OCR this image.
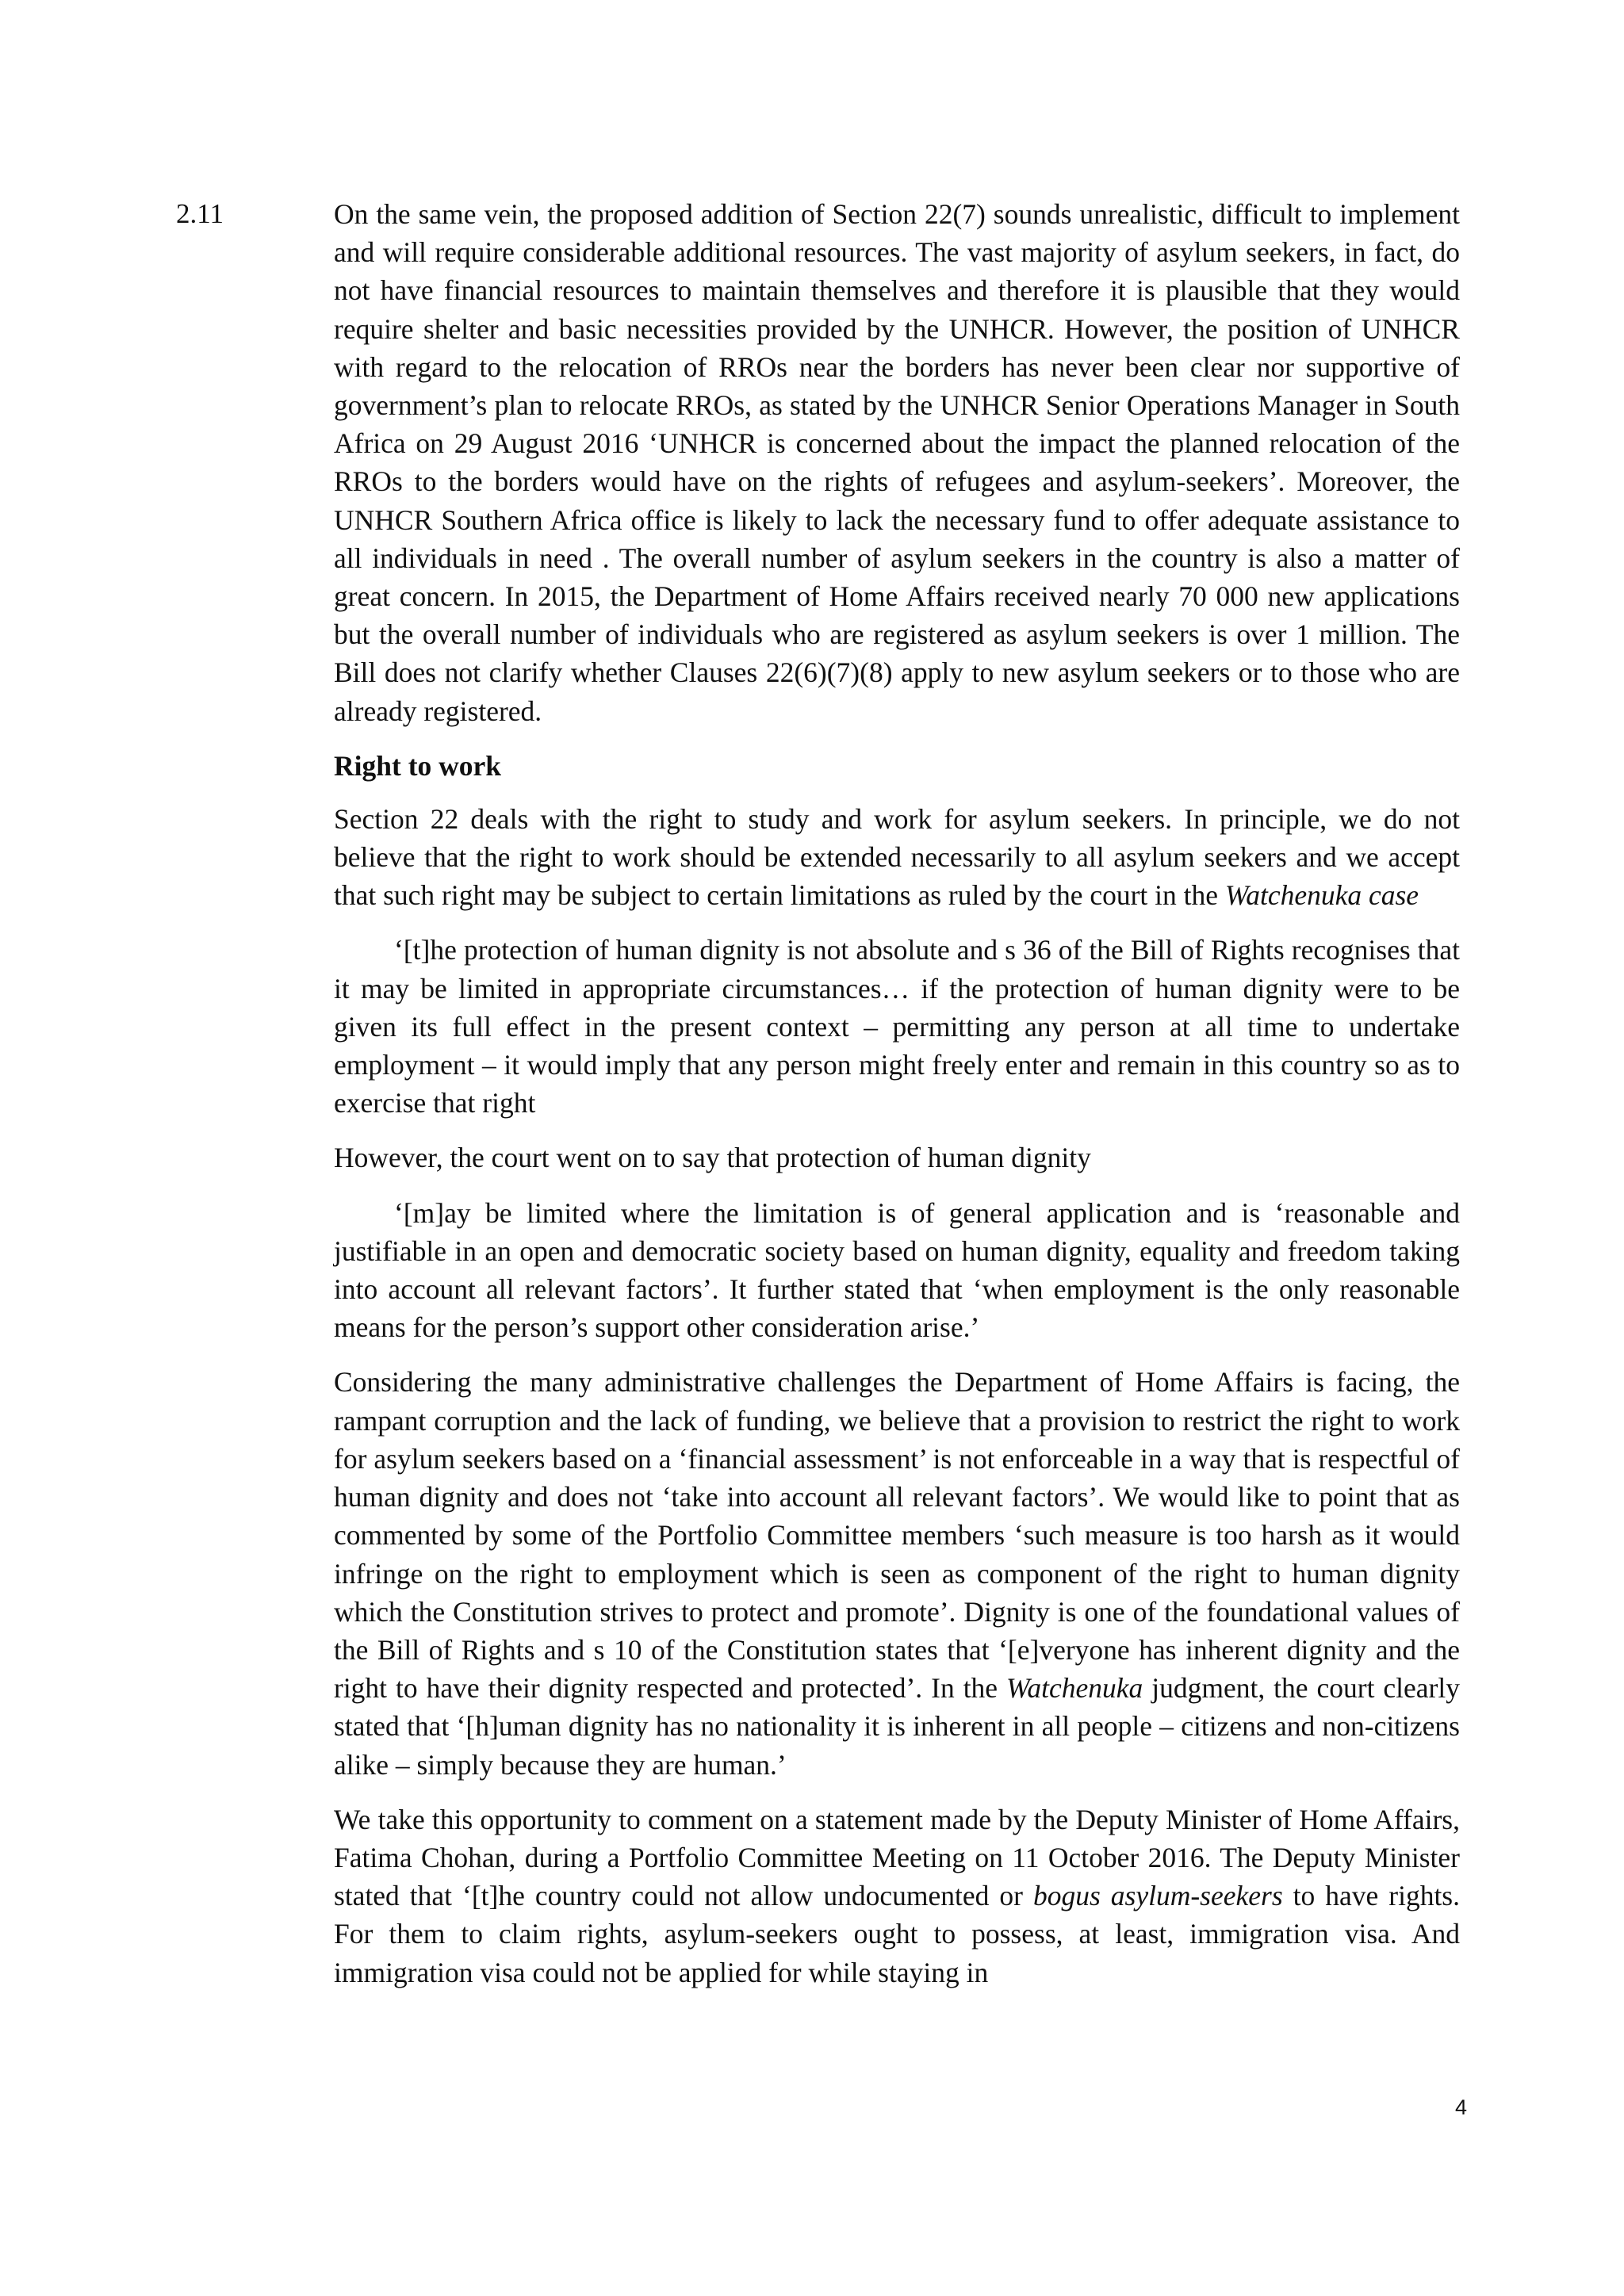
2.11	On the same vein, the proposed addition of Section 22(7) sounds unrealistic, difficult to implement and will require considerable additional resources. The vast majority of asylum seekers, in fact, do not have financial resources to maintain themselves and therefore it is plausible that they would require shelter and basic necessities provided by the UNHCR. However, the position of UNHCR with regard to the relocation of RROs near the borders has never been clear nor supportive of government’s plan to relocate RROs, as stated by the UNHCR Senior Operations Manager in South Africa on 29 August 2016 ‘UNHCR is concerned about the impact the planned relocation of the RROs to the borders would have on the rights of refugees and asylum-seekers’. Moreover, the UNHCR Southern Africa office is likely to lack the necessary fund to offer adequate assistance to all individuals in need . The overall number of asylum seekers in the country is also a matter of great concern. In 2015, the Department of Home Affairs received nearly 70 000 new applications but the overall number of individuals who are registered as asylum seekers is over 1 million. The Bill does not clarify whether Clauses 22(6)(7)(8) apply to new asylum seekers or to those who are already registered.

Right to work

Section 22 deals with the right to study and work for asylum seekers. In principle, we do not believe that the right to work should be extended necessarily to all asylum seekers and we accept that such right may be subject to certain limitations as ruled by the court in the Watchenuka case

‘[t]he protection of human dignity is not absolute and s 36 of the Bill of Rights recognises that it may be limited in appropriate circumstances… if the protection of human dignity were to be given its full effect in the present context – permitting any person at all time to undertake employment – it would imply that any person might freely enter and remain in this country so as to exercise that right

However, the court went on to say that protection of human dignity

‘[m]ay be limited where the limitation is of general application and is ‘reasonable and justifiable in an open and democratic society based on human dignity, equality and freedom taking into account all relevant factors’. It further stated that ‘when employment is the only reasonable means for the person’s support other consideration arise.’

Considering the many administrative challenges the Department of Home Affairs is facing, the rampant corruption and the lack of funding, we believe that a provision to restrict the right to work for asylum seekers based on a ‘financial assessment’ is not enforceable in a way that is respectful of human dignity and does not ‘take into account all relevant factors’. We would like to point that as commented by some of the Portfolio Committee members ‘such measure is too harsh as it would infringe on the right to employment which is seen as component of the right to human dignity which the Constitution strives to protect and promote’. Dignity is one of the foundational values of the Bill of Rights and s 10 of the Constitution states that ‘[e]veryone has inherent dignity and the right to have their dignity respected and protected’. In the Watchenuka judgment, the court clearly stated that ‘[h]uman dignity has no nationality it is inherent in all people – citizens and non-citizens alike – simply because they are human.’

We take this opportunity to comment on a statement made by the Deputy Minister of Home Affairs, Fatima Chohan, during a Portfolio Committee Meeting on 11 October 2016. The Deputy Minister stated that ‘[t]he country could not allow undocumented or bogus asylum-seekers to have rights. For them to claim rights, asylum-seekers ought to possess, at least, immigration visa. And immigration visa could not be applied for while staying in

4
